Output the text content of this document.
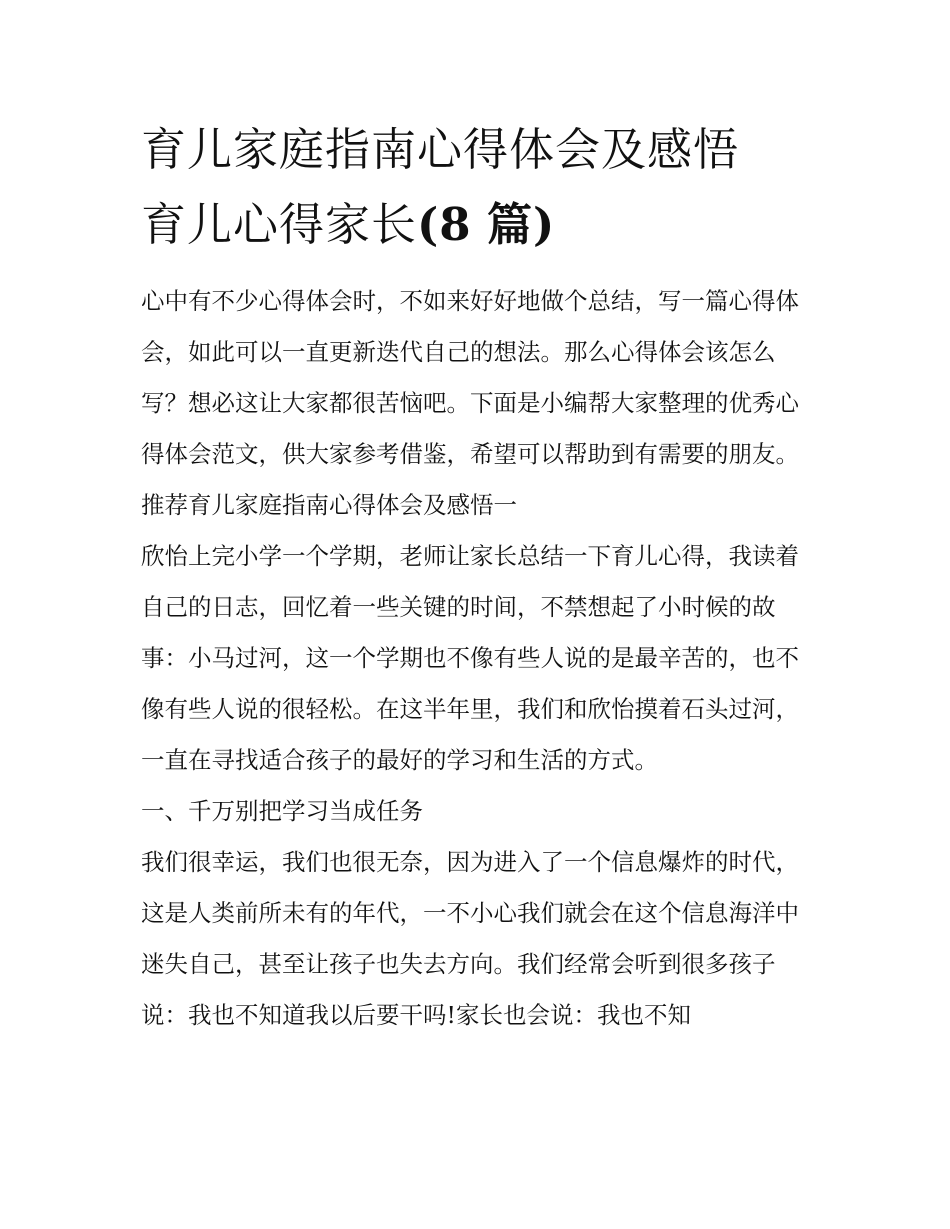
育儿家庭指南心得体会及感悟
育儿心得家长(8 篇)

心中有不少心得体会时，不如来好好地做个总结，写一篇心得体会，如此可以一直更新迭代自己的想法。那么心得体会该怎么写？想必这让大家都很苦恼吧。下面是小编帮大家整理的优秀心得体会范文，供大家参考借鉴，希望可以帮助到有需要的朋友。

推荐育儿家庭指南心得体会及感悟一

欣怡上完小学一个学期，老师让家长总结一下育儿心得，我读着自己的日志，回忆着一些关键的时间，不禁想起了小时候的故事：小马过河，这一个学期也不像有些人说的是最辛苦的，也不像有些人说的很轻松。在这半年里，我们和欣怡摸着石头过河，一直在寻找适合孩子的最好的学习和生活的方式。

一、千万别把学习当成任务

我们很幸运，我们也很无奈，因为进入了一个信息爆炸的时代，这是人类前所未有的年代，一不小心我们就会在这个信息海洋中迷失自己，甚至让孩子也失去方向。我们经常会听到很多孩子说：我也不知道我以后要干吗!家长也会说：我也不知
